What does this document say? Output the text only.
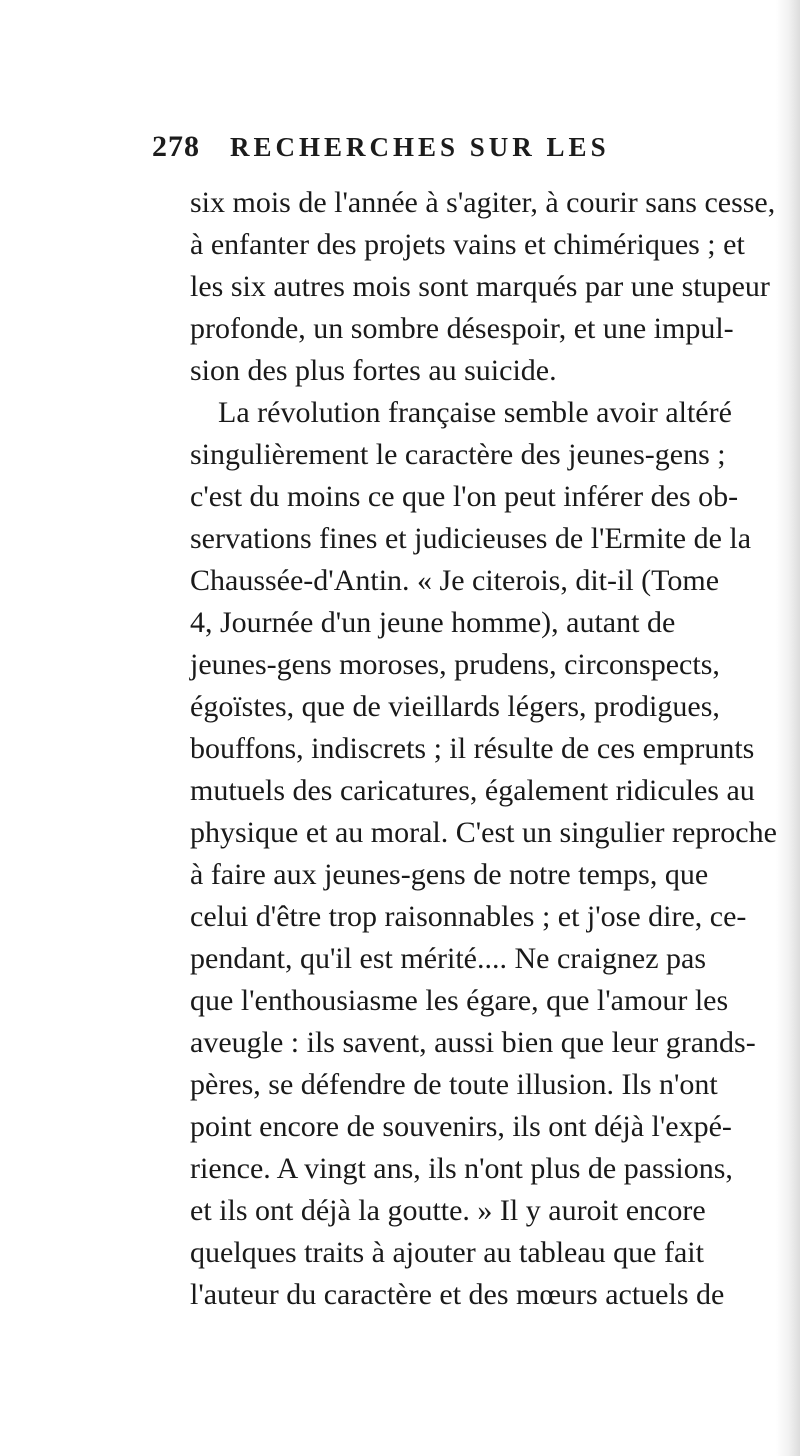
278 RECHERCHES SUR LES
six mois de l'année à s'agiter, à courir sans cesse,
à enfanter des projets vains et chimériques ; et
les six autres mois sont marqués par une stupeur
profonde, un sombre désespoir, et une impul-
sion des plus fortes au suicide.
La révolution française semble avoir altéré
singulièrement le caractère des jeunes-gens ;
c'est du moins ce que l'on peut inférer des ob-
servations fines et judicieuses de l'Ermite de la
Chaussée-d'Antin. « Je citerois, dit-il (Tome
4, Journée d'un jeune homme), autant de
jeunes-gens moroses, prudens, circonspects,
égoïstes, que de vieillards légers, prodigues,
bouffons, indiscrets ; il résulte de ces emprunts
mutuels des caricatures, également ridicules au
physique et au moral. C'est un singulier reproche
à faire aux jeunes-gens de notre temps, que
celui d'être trop raisonnables ; et j'ose dire, ce-
pendant, qu'il est mérité.... Ne craignez pas
que l'enthousiasme les égare, que l'amour les
aveugle : ils savent, aussi bien que leur grands-
pères, se défendre de toute illusion. Ils n'ont
point encore de souvenirs, ils ont déjà l'expé-
rience. A vingt ans, ils n'ont plus de passions,
et ils ont déjà la goutte. » Il y auroit encore
quelques traits à ajouter au tableau que fait
l'auteur du caractère et des mœurs actuels de
